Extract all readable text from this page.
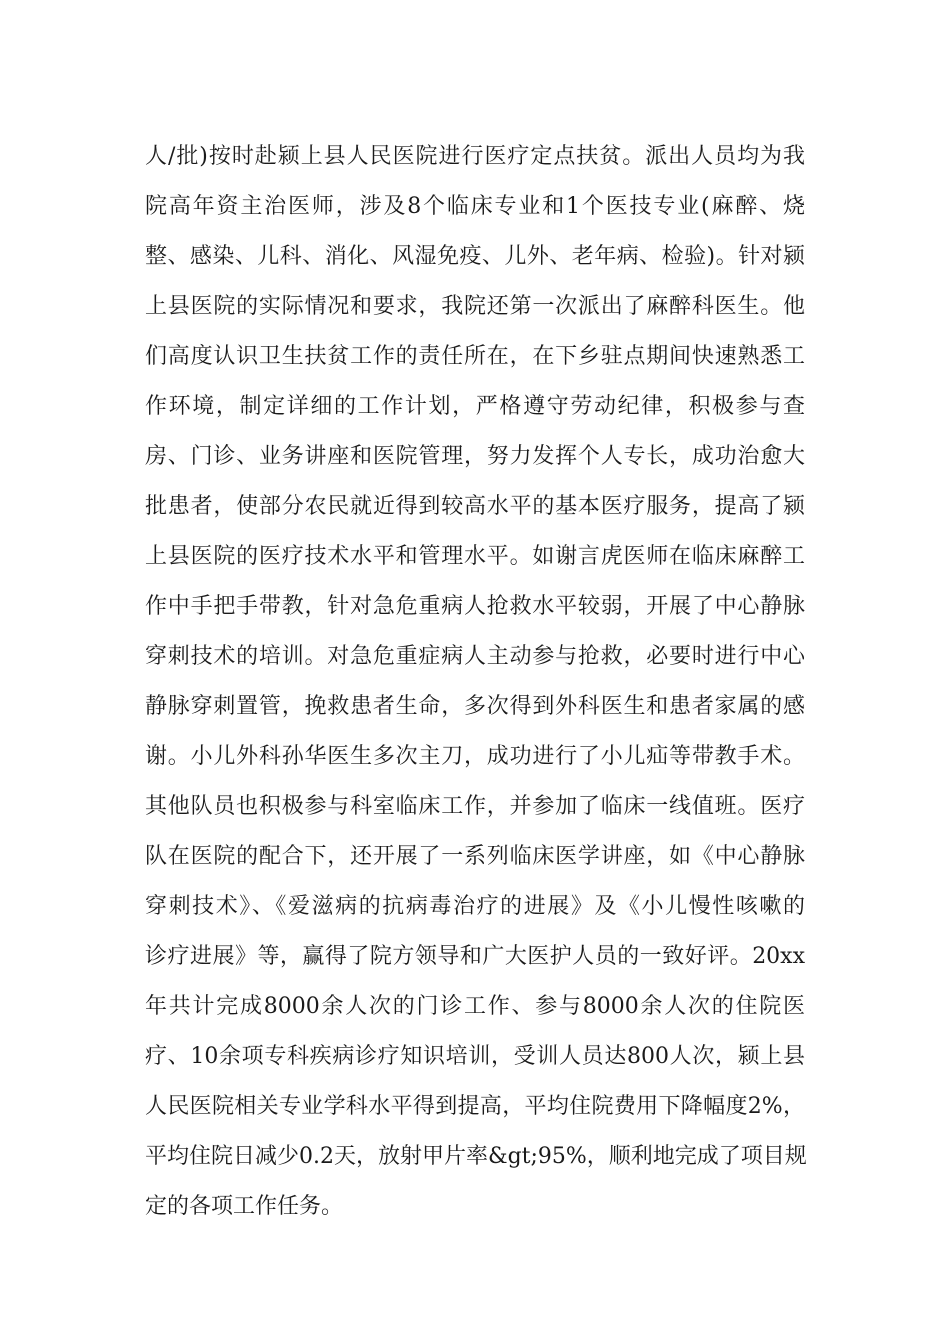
人/批)按时赴颍上县人民医院进行医疗定点扶贫。派出人员均为我
院高年资主治医师，涉及8个临床专业和1个医技专业(麻醉、烧
整、感染、儿科、消化、风湿免疫、儿外、老年病、检验)。针对颍
上县医院的实际情况和要求，我院还第一次派出了麻醉科医生。他
们高度认识卫生扶贫工作的责任所在，在下乡驻点期间快速熟悉工
作环境，制定详细的工作计划，严格遵守劳动纪律，积极参与查
房、门诊、业务讲座和医院管理，努力发挥个人专长，成功治愈大
批患者，使部分农民就近得到较高水平的基本医疗服务，提高了颍
上县医院的医疗技术水平和管理水平。如谢言虎医师在临床麻醉工
作中手把手带教，针对急危重病人抢救水平较弱，开展了中心静脉
穿刺技术的培训。对急危重症病人主动参与抢救，必要时进行中心
静脉穿刺置管，挽救患者生命，多次得到外科医生和患者家属的感
谢。小儿外科孙华医生多次主刀，成功进行了小儿疝等带教手术。
其他队员也积极参与科室临床工作，并参加了临床一线值班。医疗
队在医院的配合下，还开展了一系列临床医学讲座，如《中心静脉
穿刺技术》、《爱滋病的抗病毒治疗的进展》及《小儿慢性咳嗽的
诊疗进展》等，赢得了院方领导和广大医护人员的一致好评。20xx
年共计完成8000余人次的门诊工作、参与8000余人次的住院医
疗、10余项专科疾病诊疗知识培训，受训人员达800人次，颍上县
人民医院相关专业学科水平得到提高，平均住院费用下降幅度2%，
平均住院日减少0.2天，放射甲片率&gt;95%，顺利地完成了项目规
定的各项工作任务。
